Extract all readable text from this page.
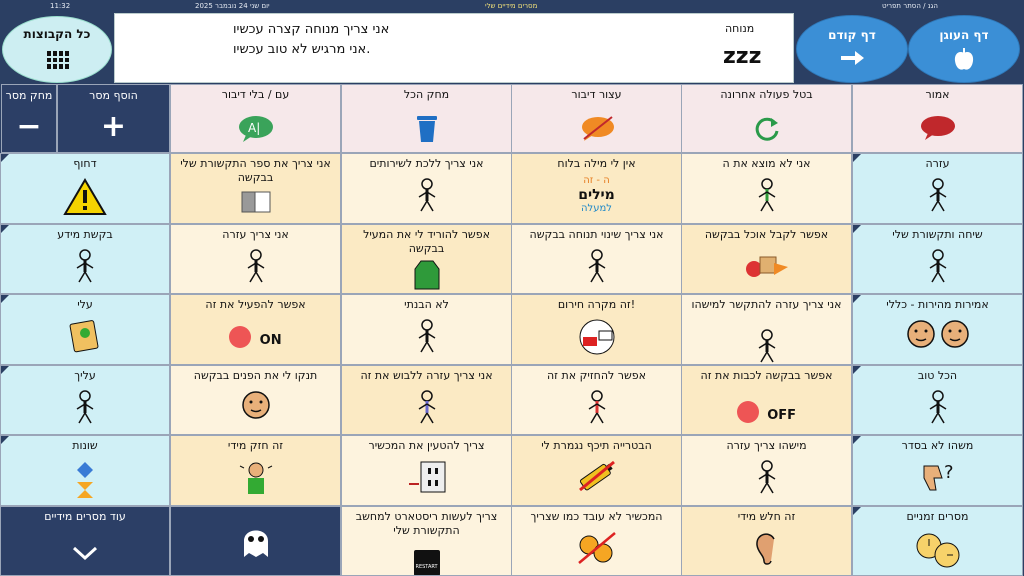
11:32	יום שני 24 נובמבר 2025	מסרים מידיים שלי	הגנ / הסתר תפריט
דף העוגן
דף קודם
כל הקבוצות	אני צריך מנוחה קצרה עכשיו
אני מרגיש לא טוב עכשיו.
מנוחה
zzz
אמור
בטל פעולה אחרונה
עצור דיבור
מחק הכל
עם / בלי דיבור
A|
הוסף מסר
+
מחק מסר
−
עזרה
אני לא מוצא את ה
אין לי מילה בלוח
ה - זה
מילים
למעלה
אני צריך ללכת לשירותים
אני צריך את ספר התקשורת שלי בבקשה
דחוף
שיחה ותקשורת שלי
אפשר לקבל אוכל בבקשה
אני צריך שינוי תנוחה בבקשה
אפשר להוריד לי את המעיל בבקשה
אני צריך עזרה
בקשת מידע
אמירות מהירות - כללי
אני צריך עזרה להתקשר למישהו
זה מקרה חירום!
לא הבנתי
אפשר להפעיל את זה
ON
עלי
הכל טוב
אפשר בבקשה לכבות את זה
OFF
אפשר להחזיק את זה
אני צריך עזרה ללבוש את זה
תנקו לי את הפנים בבקשה
עליך
משהו לא בסדר
?
מישהו צריך עזרה
הבטרייה תיכף נגמרת לי
צריך להטעין את המכשיר
זה חזק מידי
שונות
מסרים זמניים
זה חלש מידי
המכשיר לא עובד כמו שצריך
צריך לעשות ריסטארט למחשב התקשורת שלי
RESTART
עוד מסרים מידיים
